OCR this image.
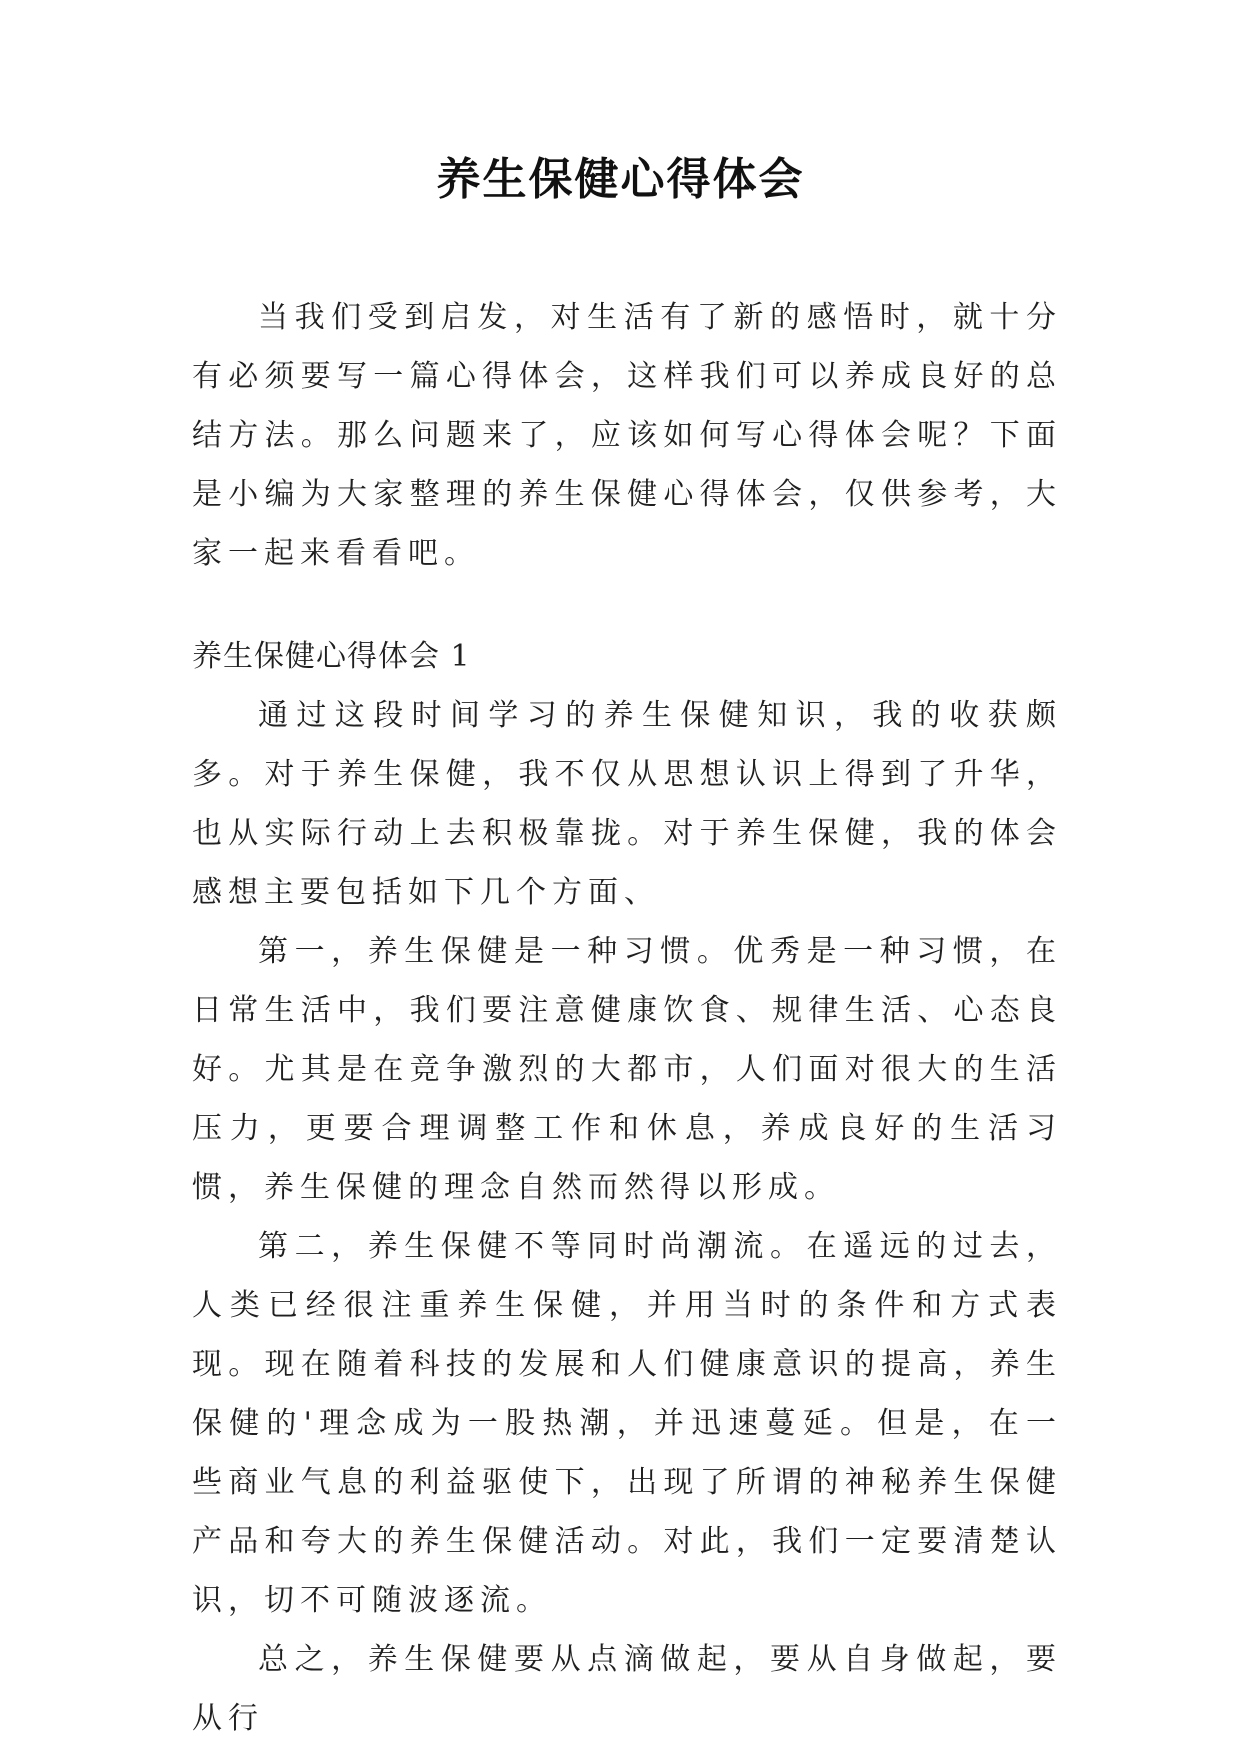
养生保健心得体会

当我们受到启发，对生活有了新的感悟时，就十分有必须要写一篇心得体会，这样我们可以养成良好的总结方法。那么问题来了，应该如何写心得体会呢？下面是小编为大家整理的养生保健心得体会，仅供参考，大家一起来看看吧。

养生保健心得体会 1

通过这段时间学习的养生保健知识，我的收获颇多。对于养生保健，我不仅从思想认识上得到了升华，也从实际行动上去积极靠拢。对于养生保健，我的体会感想主要包括如下几个方面、

第一，养生保健是一种习惯。优秀是一种习惯，在日常生活中，我们要注意健康饮食、规律生活、心态良好。尤其是在竞争激烈的大都市，人们面对很大的生活压力，更要合理调整工作和休息，养成良好的生活习惯，养生保健的理念自然而然得以形成。

第二，养生保健不等同时尚潮流。在遥远的过去，人类已经很注重养生保健，并用当时的条件和方式表现。现在随着科技的发展和人们健康意识的提高，养生保健的'理念成为一股热潮，并迅速蔓延。但是，在一些商业气息的利益驱使下，出现了所谓的神秘养生保健产品和夸大的养生保健活动。对此，我们一定要清楚认识，切不可随波逐流。

总之，养生保健要从点滴做起，要从自身做起，要从行
